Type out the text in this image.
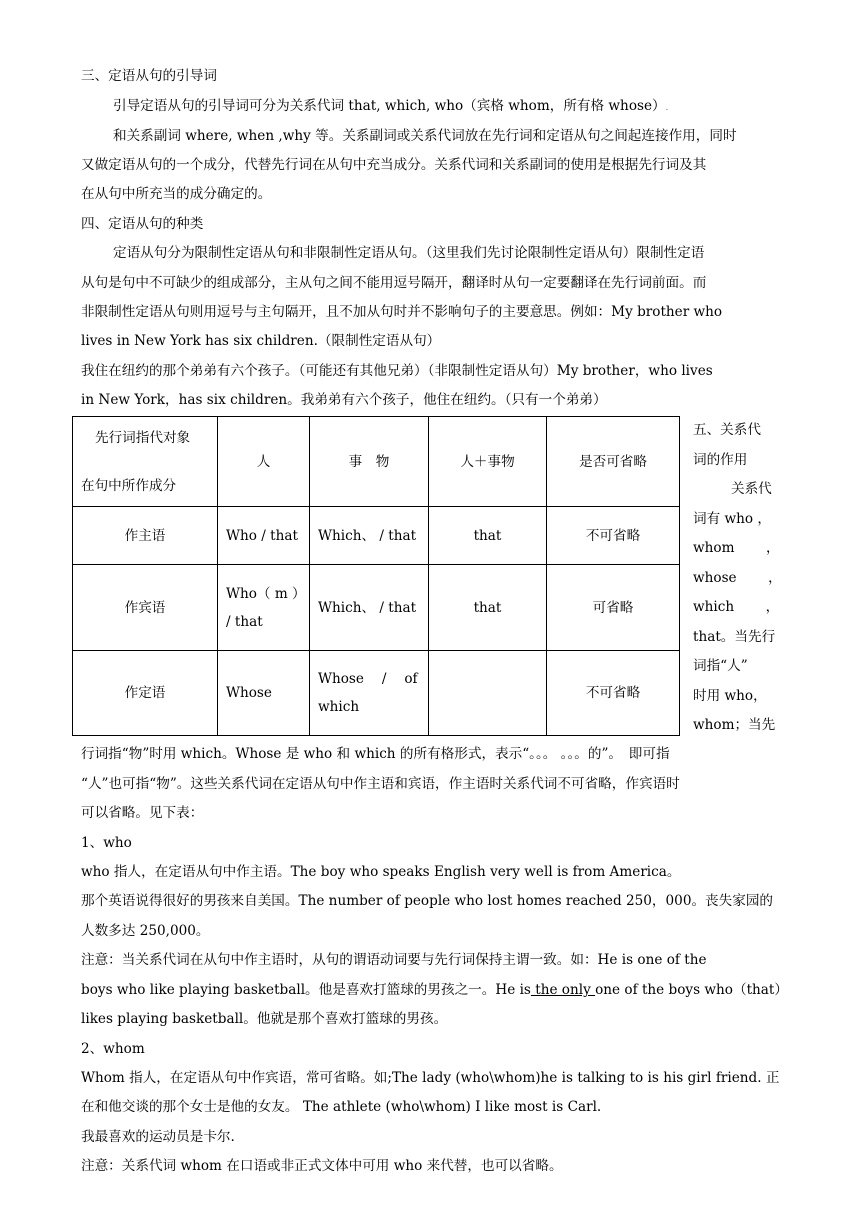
三、定语从句的引导词
引导定语从句的引导词可分为关系代词 that, which, who（宾格 whom，所有格 whose）.
和关系副词 where, when ,why 等。关系副词或关系代词放在先行词和定语从句之间起连接作用，同时
又做定语从句的一个成分，代替先行词在从句中充当成分。关系代词和关系副词的使用是根据先行词及其
在从句中所充当的成分确定的。
四、定语从句的种类
定语从句分为限制性定语从句和非限制性定语从句。（这里我们先讨论限制性定语从句）限制性定语
从句是句中不可缺少的组成部分，主从句之间不能用逗号隔开，翻译时从句一定要翻译在先行词前面。而
非限制性定语从句则用逗号与主句隔开，且不加从句时并不影响句子的主要意思。例如：My brother who
lives in New York has six children.（限制性定语从句）
我住在纽约的那个弟弟有六个孩子。（可能还有其他兄弟）（非限制性定语从句）My brother，who lives
in New York，has six children。我弟弟有六个孩子，他住在纽约。（只有一个弟弟）
先行词指代对象
在句中所作成分	人	事　物	人＋事物	是否可省略
作主语	Who / that	Which、 / that	that	不可省略
作宾语	Who（ m ）
/ that	Which、 / that	that	可省略
作定语	Whose	Whose　 /　 of
which		不可省略
五、关系代
词的作用
关系代
词有 who ，
whom　　 ，
whose　　 ，
which　　 ，
that。当先行
词指“人”
时用 who，
whom；当先
行词指“物”时用 which。Whose 是 who 和 which 的所有格形式，表示“。。。 。。。的”。　即可指
“人”也可指“物”。这些关系代词在定语从句中作主语和宾语，作主语时关系代词不可省略，作宾语时
可以省略。见下表：
1、who
who 指人，在定语从句中作主语。The boy who speaks English very well is from America。
那个英语说得很好的男孩来自美国。The number of people who lost homes reached 250，000。丧失家园的
人数多达 250,000。
注意：当关系代词在从句中作主语时，从句的谓语动词要与先行词保持主谓一致。如：He is one of the
boys who like playing basketball。他是喜欢打篮球的男孩之一。He is the only one of the boys who（that）
likes playing basketball。他就是那个喜欢打篮球的男孩。
2、whom
Whom 指人，在定语从句中作宾语，常可省略。如;The lady (who\whom)he is talking to is his girl friend. 正
在和他交谈的那个女士是他的女友。 The athlete (who\whom) I like most is Carl.
我最喜欢的运动员是卡尔.
注意：关系代词 whom 在口语或非正式文体中可用 who 来代替，也可以省略。
